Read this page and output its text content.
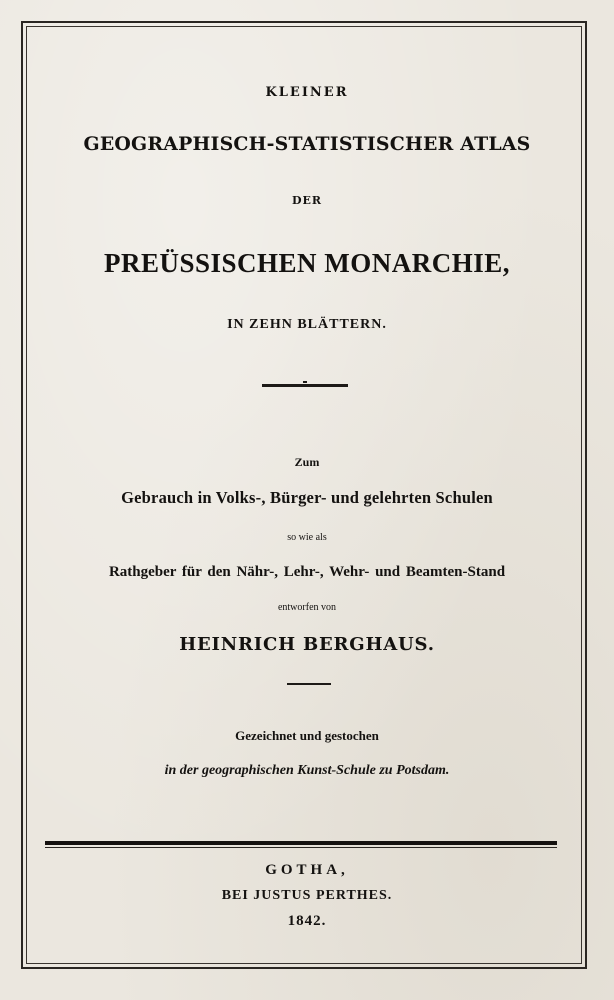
KLEINER
GEOGRAPHISCH-STATISTISCHER ATLAS
DER
PREÜSSISCHEN MONARCHIE,
IN ZEHN BLÄTTERN.
Zum
Gebrauch in Volks-, Bürger- und gelehrten Schulen
so wie als
Rathgeber für den Nähr-, Lehr-, Wehr- und Beamten-Stand
entworfen von
HEINRICH BERGHAUS.
Gezeichnet und gestochen
in der geographischen Kunst-Schule zu Potsdam.
GOTHA,
BEI JUSTUS PERTHES.
1842.
